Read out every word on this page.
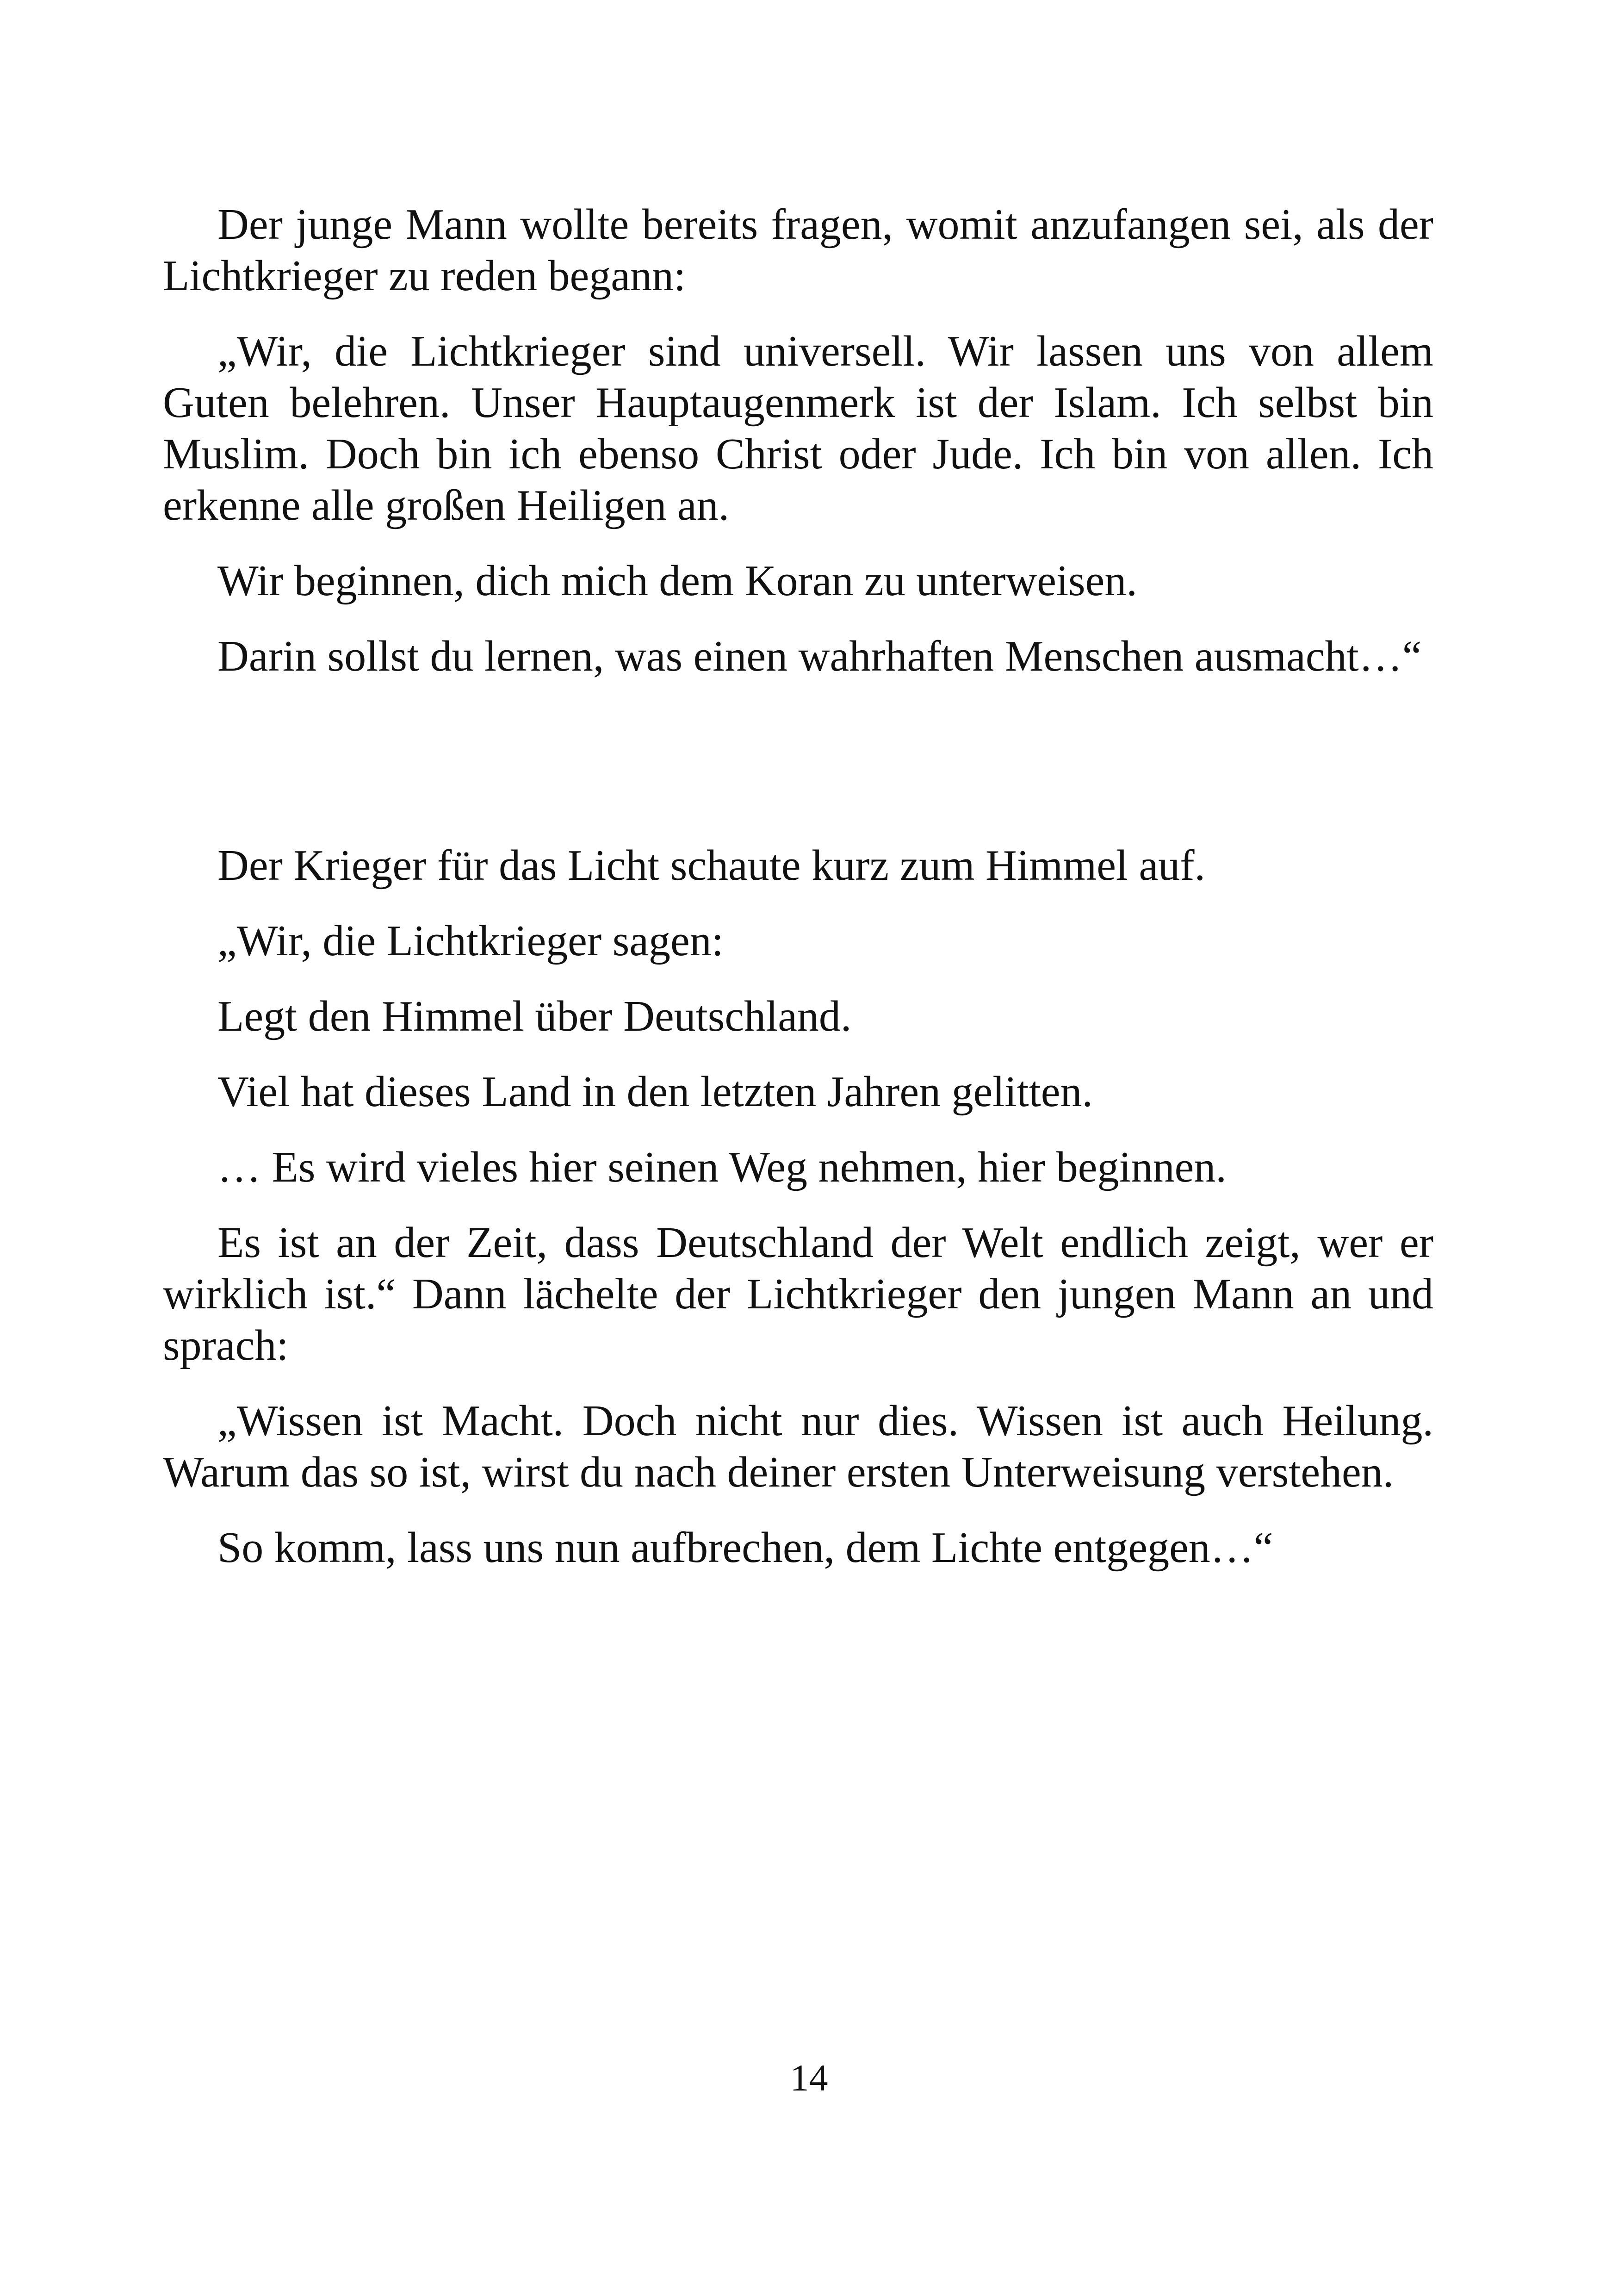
Der junge Mann wollte bereits fragen, womit anzufangen sei, als der Lichtkrieger zu reden begann:

„Wir, die Lichtkrieger sind universell. Wir lassen uns von allem Guten belehren. Unser Hauptaugenmerk ist der Islam. Ich selbst bin Muslim. Doch bin ich ebenso Christ oder Jude. Ich bin von allen. Ich erkenne alle großen Heiligen an.

Wir beginnen, dich mich dem Koran zu unterweisen.

Darin sollst du lernen, was einen wahrhaften Menschen ausmacht…“

Der Krieger für das Licht schaute kurz zum Himmel auf.

„Wir, die Lichtkrieger sagen:

Legt den Himmel über Deutschland.

Viel hat dieses Land in den letzten Jahren gelitten.

… Es wird vieles hier seinen Weg nehmen, hier beginnen.

Es ist an der Zeit, dass Deutschland der Welt endlich zeigt, wer er wirklich ist.“ Dann lächelte der Lichtkrieger den jungen Mann an und sprach:

„Wissen ist Macht. Doch nicht nur dies. Wissen ist auch Heilung. Warum das so ist, wirst du nach deiner ersten Unterweisung verstehen.

So komm, lass uns nun aufbrechen, dem Lichte entgegen…“

14
